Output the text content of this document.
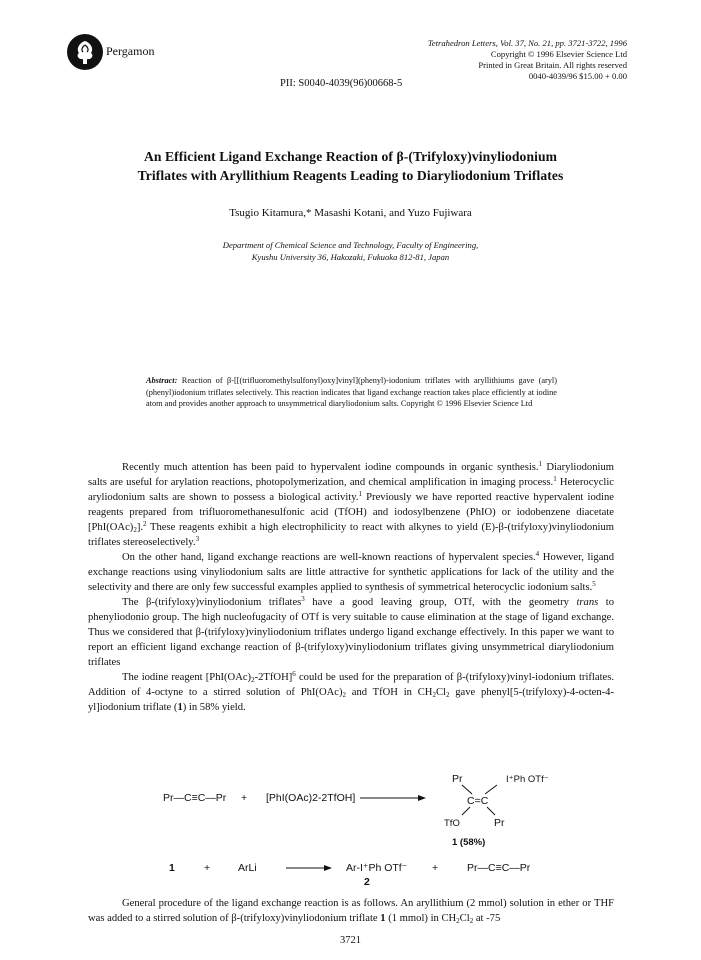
Pergamon
Tetrahedron Letters, Vol. 37, No. 21, pp. 3721-3722, 1996
Copyright © 1996 Elsevier Science Ltd
Printed in Great Britain. All rights reserved
0040-4039/96 $15.00 + 0.00
PII: S0040-4039(96)00668-5
An Efficient Ligand Exchange Reaction of β-(Trifyloxy)vinyliodonium
Triflates with Aryllithium Reagents Leading to Diaryliodonium Triflates
Tsugio Kitamura,* Masashi Kotani, and Yuzo Fujiwara
Department of Chemical Science and Technology, Faculty of Engineering,
Kyushu University 36, Hakozaki, Fukuoka 812-81, Japan
Abstract: Reaction of β-[[(trifluoromethylsulfonyl)oxy]vinyl](phenyl)-iodonium triflates with aryllithiums gave (aryl)(phenyl)iodonium triflates selectively. This reaction indicates that ligand exchange reaction takes place efficiently at iodine atom and provides another approach to unsymmetrical diaryliodonium salts. Copyright © 1996 Elsevier Science Ltd

Recently much attention has been paid to hypervalent iodine compounds in organic synthesis.$^1$ Diaryliodonium salts are useful for arylation reactions, photopolymerization, and chemical amplification in imaging process.$^1$ Heterocyclic aryliodonium salts are shown to possess a biological activity.$^1$ Previously we have reported reactive hypervalent iodine reagents prepared from trifluoromethanesulfonic acid (TfOH) and iodosylbenzene (PhIO) or iodobenzene diacetate $[PhI(OAc)_2].^2$ These reagents exhibit a high electrophilicity to react with alkynes to yield (E)-β-(trifyloxy)vinyliodonium triflates stereoselectively.$^3$

On the other hand, ligand exchange reactions are well-known reactions of hypervalent species.$^4$ However, ligand exchange reactions using vinyliodonium salts are little attractive for synthetic applications for lack of the utility and the selectivity and there are only few successful examples applied to synthesis of symmetrical heterocyclic iodonium salts.$^5$

The β-(trifyloxy)vinyliodonium triflates$^3$ have a good leaving group, OTf, with the geometry trans to phenyliodonio group. The high nucleofugacity of OTf is very suitable to cause elimination at the stage of ligand exchange. Thus we considered that β-(trifyloxy)vinyliodonium triflates undergo ligand exchange effectively. In this paper we want to report an efficient ligand exchange reaction of β-(trifyloxy)vinyliodonium triflates giving unsymmetrical diaryliodonium triflates

The iodine reagent $[PhI(OAc)_2-2TfOH]^6$ could be used for the preparation of β-(trifyloxy)vinyl-iodonium triflates. Addition of 4-octyne to a stirred solution of $PhI(OAc)_2$ and TfOH in $CH_2Cl_2$ gave phenyl[5-(trifyloxy)-4-octen-4-yl]iodonium triflate (1) in 58% yield.

Pr—C≡C—Pr + [PhI(OAc)2-2TfOH]
Pr	I⁺Ph OTf⁻
C=C
TfO	Pr
1 (58%)
1	+	ArLi	Ar-I⁺Ph OTf⁻ +	Pr—C≡C—Pr
2
3721

General procedure of the ligand exchange reaction is as follows. An aryllithium (2 mmol) solution in ether or THF was added to a stirred solution of β-(trifyloxy)vinyliodonium triflate 1 (1 mmol) in $CH_2Cl_2$ at -75
